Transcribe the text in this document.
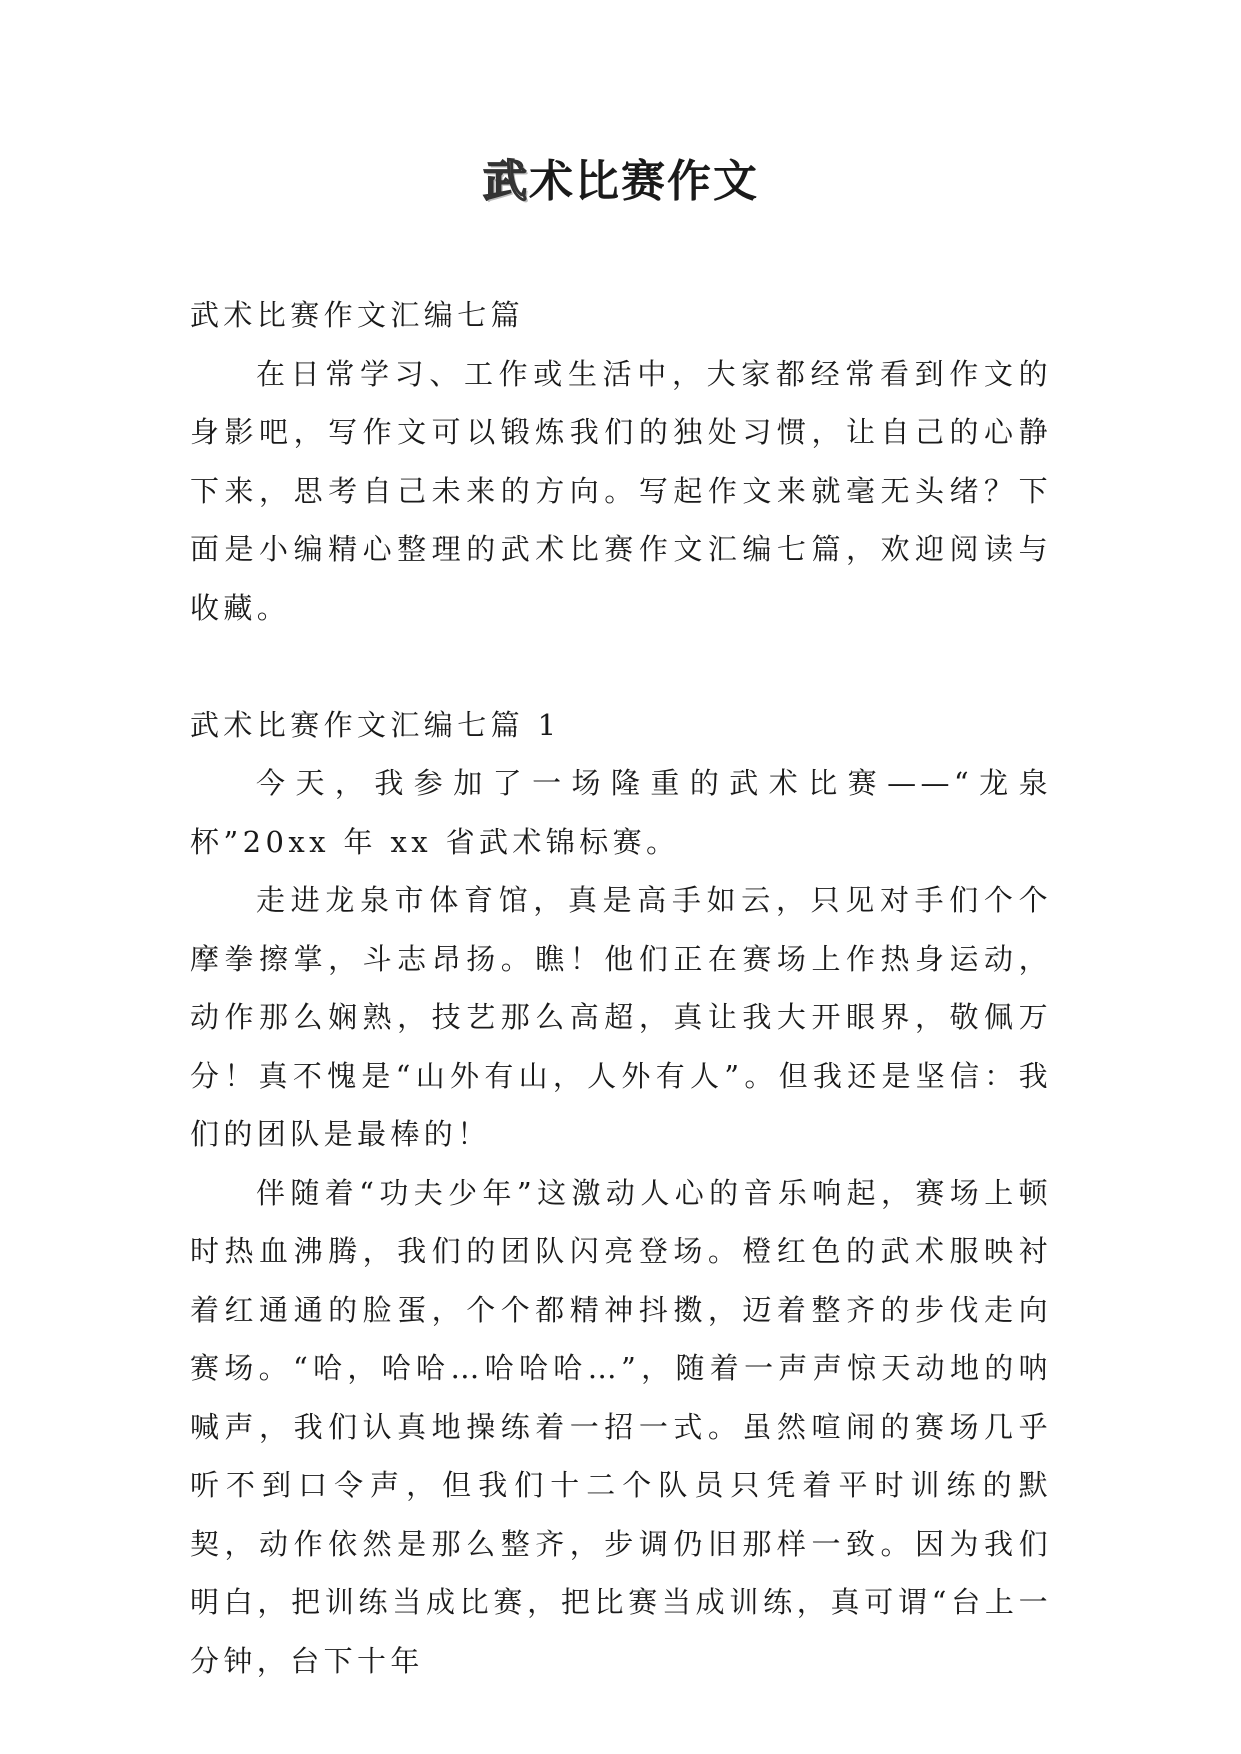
武术比赛作文

武术比赛作文汇编七篇

在日常学习、工作或生活中，大家都经常看到作文的身影吧，写作文可以锻炼我们的独处习惯，让自己的心静下来，思考自己未来的方向。写起作文来就毫无头绪？下面是小编精心整理的武术比赛作文汇编七篇，欢迎阅读与收藏。

武术比赛作文汇编七篇 1

今天，我参加了一场隆重的武术比赛——“龙泉杯”20xx 年 xx 省武术锦标赛。

走进龙泉市体育馆，真是高手如云，只见对手们个个摩拳擦掌，斗志昂扬。瞧！他们正在赛场上作热身运动，动作那么娴熟，技艺那么高超，真让我大开眼界，敬佩万分！真不愧是“山外有山，人外有人”。但我还是坚信：我们的团队是最棒的！

伴随着“功夫少年”这激动人心的音乐响起，赛场上顿时热血沸腾，我们的团队闪亮登场。橙红色的武术服映衬着红通通的脸蛋，个个都精神抖擞，迈着整齐的步伐走向赛场。“哈，哈哈…哈哈哈…”，随着一声声惊天动地的呐喊声，我们认真地操练着一招一式。虽然喧闹的赛场几乎听不到口令声，但我们十二个队员只凭着平时训练的默契，动作依然是那么整齐，步调仍旧那样一致。因为我们明白，把训练当成比赛，把比赛当成训练，真可谓“台上一分钟，台下十年
